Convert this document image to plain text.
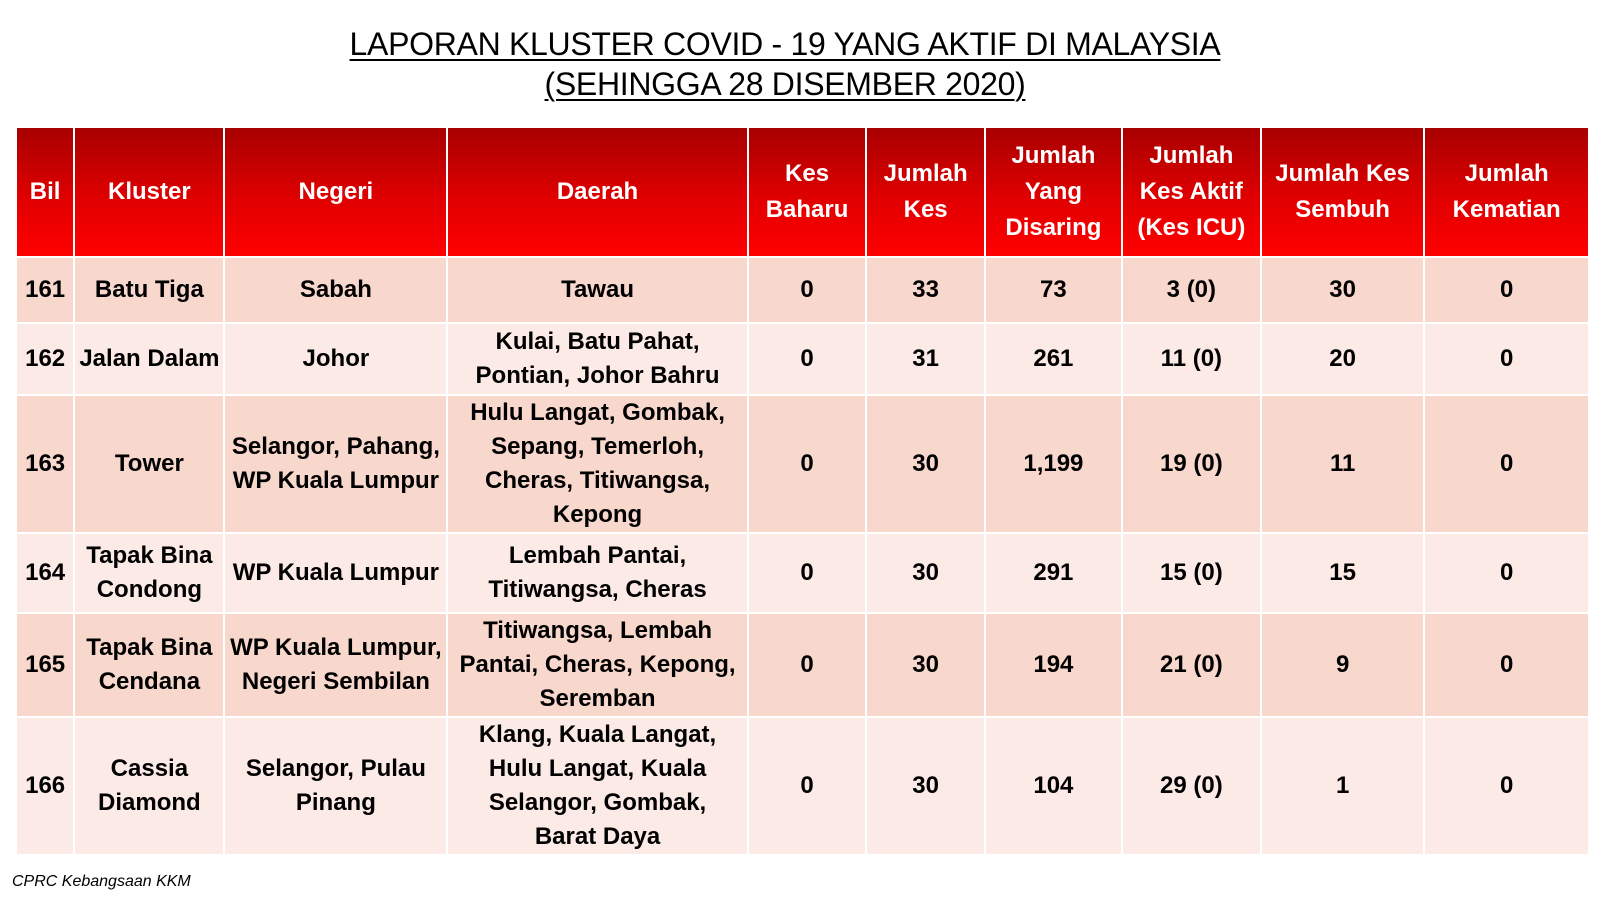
LAPORAN KLUSTER COVID - 19 YANG AKTIF DI MALAYSIA
(SEHINGGA 28 DISEMBER 2020)
Bil	Kluster	Negeri	Daerah	Kes Baharu	Jumlah Kes	Jumlah Yang Disaring	Jumlah Kes Aktif (Kes ICU)	Jumlah Kes Sembuh	Jumlah Kematian
161	Batu Tiga	Sabah	Tawau	0	33	73	3 (0)	30	0
162	Jalan Dalam	Johor	Kulai, Batu Pahat, Pontian, Johor Bahru	0	31	261	11 (0)	20	0
163	Tower	Selangor, Pahang, WP Kuala Lumpur	Hulu Langat, Gombak, Sepang, Temerloh, Cheras, Titiwangsa, Kepong	0	30	1,199	19 (0)	11	0
164	Tapak Bina Condong	WP Kuala Lumpur	Lembah Pantai, Titiwangsa, Cheras	0	30	291	15 (0)	15	0
165	Tapak Bina Cendana	WP Kuala Lumpur, Negeri Sembilan	Titiwangsa, Lembah Pantai, Cheras, Kepong, Seremban	0	30	194	21 (0)	9	0
166	Cassia Diamond	Selangor, Pulau Pinang	Klang, Kuala Langat, Hulu Langat, Kuala Selangor, Gombak, Barat Daya	0	30	104	29 (0)	1	0
CPRC Kebangsaan KKM
